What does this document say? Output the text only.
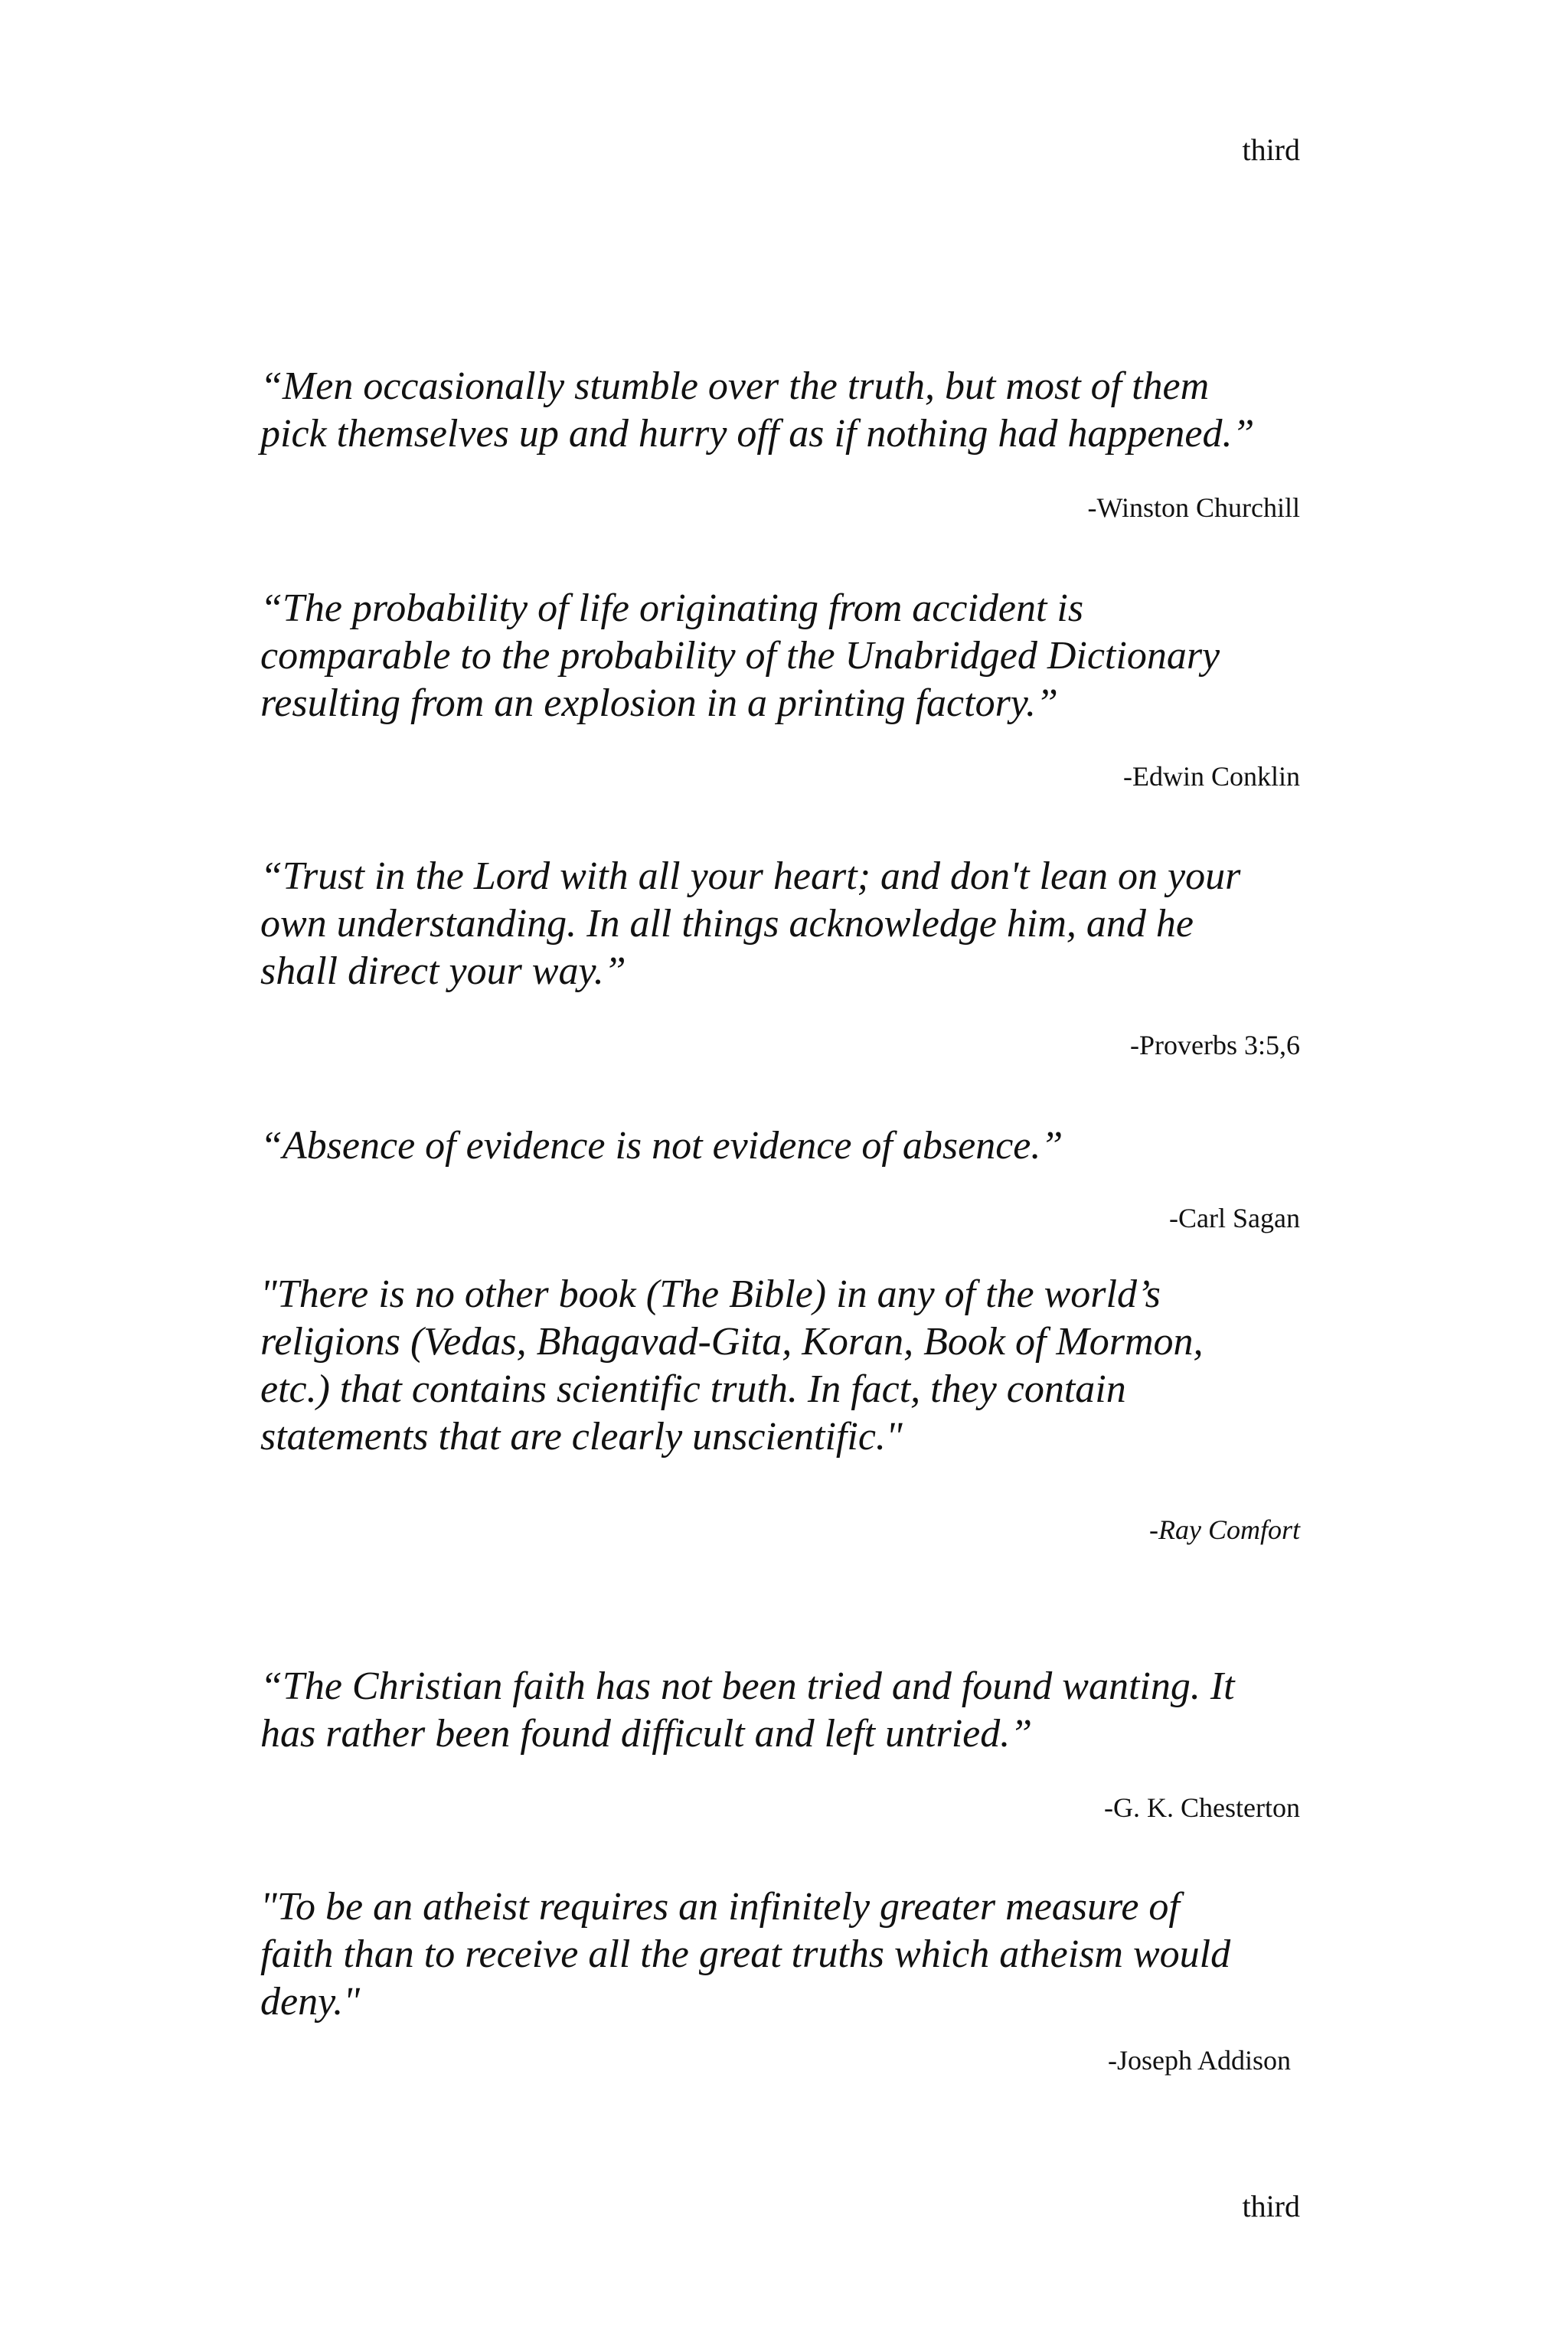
third
“Men occasionally stumble over the truth, but most of them
pick themselves up and hurry off as if nothing had happened.”
-Winston Churchill
“The probability of life originating from accident is
comparable to the probability of the Unabridged Dictionary
resulting from an explosion in a printing factory.”
-Edwin Conklin
“Trust in the Lord with all your heart; and don't lean on your
own understanding. In all things acknowledge him, and he
shall direct your way.”
-Proverbs 3:5,6
“Absence of evidence is not evidence of absence.”
-Carl Sagan
"There is no other book (The Bible) in any of the world’s
religions (Vedas, Bhagavad-Gita, Koran, Book of Mormon,
etc.) that contains scientific truth. In fact, they contain
statements that are clearly unscientific."
-Ray Comfort
“The Christian faith has not been tried and found wanting. It
has rather been found difficult and left untried.”
-G. K. Chesterton
"To be an atheist requires an infinitely greater measure of
faith than to receive all the great truths which atheism would
deny."
-Joseph Addison
third
